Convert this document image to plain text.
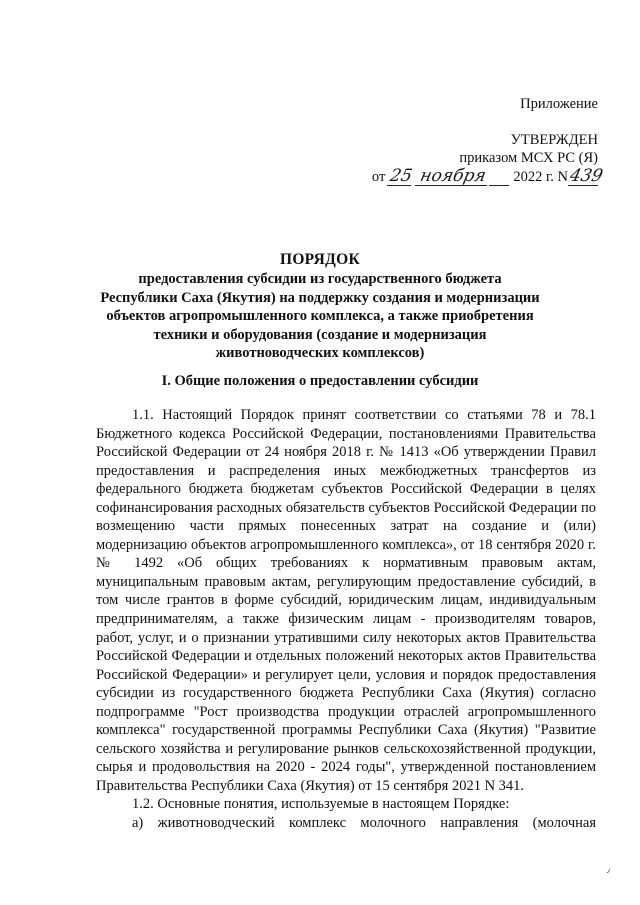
Приложение
УТВЕРЖДЕН
приказом МСХ РС (Я)
от 25 ноября 2022 г. N 439
ПОРЯДОК
предоставления субсидии из государственного бюджета Республики Саха (Якутия) на поддержку создания и модернизации объектов агропромышленного комплекса, а также приобретения техники и оборудования (создание и модернизация животноводческих комплексов)
I. Общие положения о предоставлении субсидии

1.1. Настоящий Порядок принят соответствии со статьями 78 и 78.1 Бюджетного кодекса Российской Федерации, постановлениями Правительства Российской Федерации от 24 ноября 2018 г. № 1413 «Об утверждении Правил предоставления и распределения иных межбюджетных трансфертов из федерального бюджета бюджетам субъектов Российской Федерации в целях софинансирования расходных обязательств субъектов Российской Федерации по возмещению части прямых понесенных затрат на создание и (или) модернизацию объектов агропромышленного комплекса», от 18 сентября 2020 г. № 1492 «Об общих требованиях к нормативным правовым актам, муниципальным правовым актам, регулирующим предоставление субсидий, в том числе грантов в форме субсидий, юридическим лицам, индивидуальным предпринимателям, а также физическим лицам - производителям товаров, работ, услуг, и о признании утратившими силу некоторых актов Правительства Российской Федерации и отдельных положений некоторых актов Правительства Российской Федерации» и регулирует цели, условия и порядок предоставления субсидии из государственного бюджета Республики Саха (Якутия) согласно подпрограмме "Рост производства продукции отраслей агропромышленного комплекса" государственной программы Республики Саха (Якутия) "Развитие сельского хозяйства и регулирование рынков сельскохозяйственной продукции, сырья и продовольствия на 2020 - 2024 годы", утвержденной постановлением Правительства Республики Саха (Якутия) от 15 сентября 2021 N 341.

1.2. Основные понятия, используемые в настоящем Порядке:

а) животноводческий комплекс молочного направления (молочная

٫
